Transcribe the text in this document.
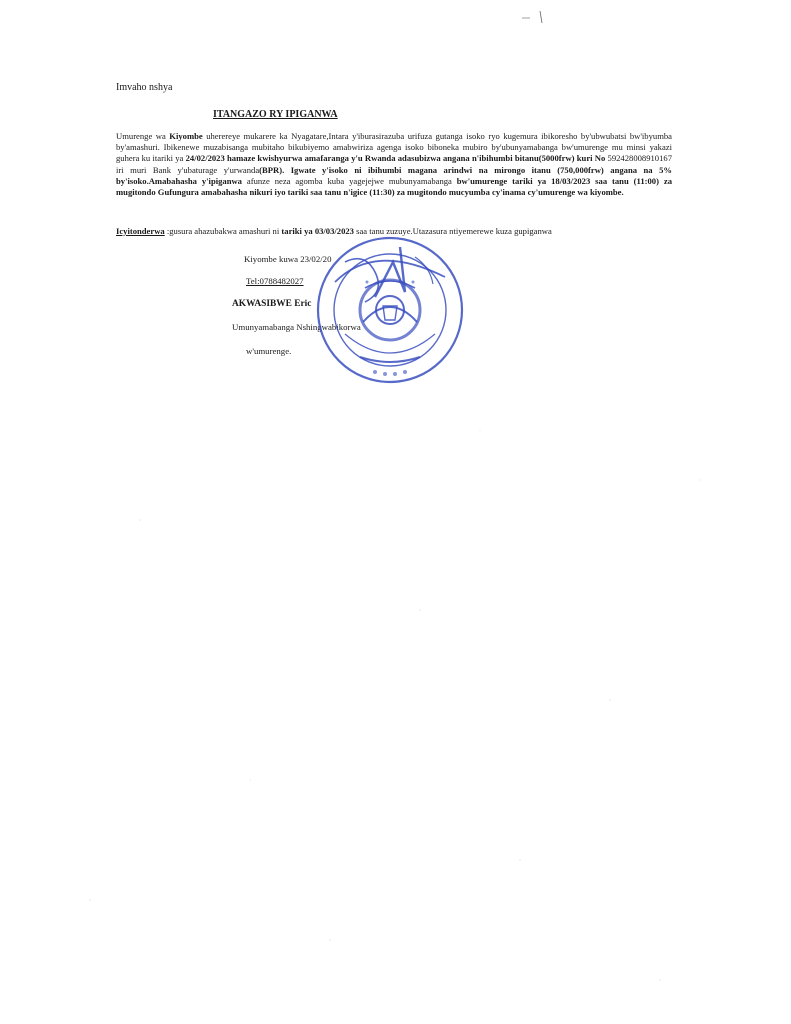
Imvaho nshya
ITANGAZO RY IPIGANWA
Umurenge wa Kiyombe uherereye mukarere ka Nyagatare,Intara y'iburasirazuba urifuza gutanga isoko ryo kugemura ibikoresho by'ubwubatsi bw'ibyumba by'amashuri. Ibikenewe muzabisanga mubitaho bikubiyemo amabwiriza agenga isoko biboneka mubiro by'ubunyamabanga bw'umurenge mu minsi yakazi guhera ku itariki ya 24/02/2023 hamaze kwishyurwa amafaranga y'u Rwanda adasubizwa angana n'ibihumbi bitanu(5000frw) kuri No 592428008910167 iri muri Bank y'ubaturage y'urwanda(BPR). Igwate y'isoko ni ibihumbi magana arindwi na mirongo itanu (750,000frw) angana na 5% by'isoko.Amabahasha y'ipiganwa afunze neza agomba kuba yagejejwe mubunyamabanga bw'umurenge tariki ya 18/03/2023 saa tanu (11:00) za mugitondo Gufungura amabahasha nikuri iyo tariki saa tanu n'igice (11:30) za mugitondo mucyumba cy'inama cy'umurenge wa kiyombe.
Icyitonderwa :gusura ahazubakwa amashuri ni tariki ya 03/03/2023 saa tanu zuzuye.Utazasura ntiyemerewe kuza gupiganwa
Kiyombe kuwa 23/02/20
Tel:0788482027
AKWASIBWE Eric
Umunyamabanga Nshingwabikorwa
w'umurenge.
